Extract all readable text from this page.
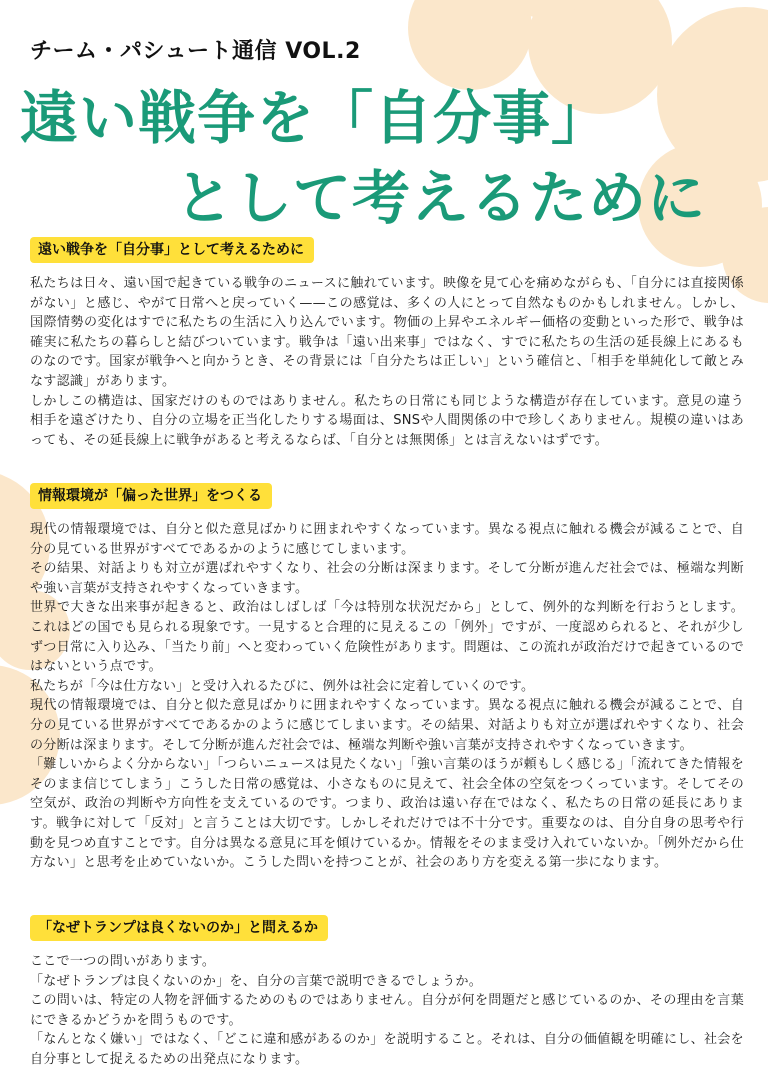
チーム・パシュート通信 VOL.2
遠い戦争を「自分事」
として考えるために
遠い戦争を「自分事」として考えるために

私たちは日々、遠い国で起きている戦争のニュースに触れています。映像を見て心を痛めながらも、「自分には直接関係がない」と感じ、やがて日常へと戻っていく——この感覚は、多くの人にとって自然なものかもしれません。しかし、国際情勢の変化はすでに私たちの生活に入り込んでいます。物価の上昇やエネルギー価格の変動といった形で、戦争は確実に私たちの暮らしと結びついています。戦争は「遠い出来事」ではなく、すでに私たちの生活の延長線上にあるものなのです。国家が戦争へと向かうとき、その背景には「自分たちは正しい」という確信と、「相手を単純化して敵とみなす認識」があります。

しかしこの構造は、国家だけのものではありません。私たちの日常にも同じような構造が存在しています。意見の違う相手を遠ざけたり、自分の立場を正当化したりする場面は、SNSや人間関係の中で珍しくありません。規模の違いはあっても、その延長線上に戦争があると考えるならば、「自分とは無関係」とは言えないはずです。

情報環境が「偏った世界」をつくる

現代の情報環境では、自分と似た意見ばかりに囲まれやすくなっています。異なる視点に触れる機会が減ることで、自分の見ている世界がすべてであるかのように感じてしまいます。

その結果、対話よりも対立が選ばれやすくなり、社会の分断は深まります。そして分断が進んだ社会では、極端な判断や強い言葉が支持されやすくなっていきます。

世界で大きな出来事が起きると、政治はしばしば「今は特別な状況だから」として、例外的な判断を行おうとします。これはどの国でも見られる現象です。一見すると合理的に見えるこの「例外」ですが、一度認められると、それが少しずつ日常に入り込み、「当たり前」へと変わっていく危険性があります。問題は、この流れが政治だけで起きているのではないという点です。

私たちが「今は仕方ない」と受け入れるたびに、例外は社会に定着していくのです。

現代の情報環境では、自分と似た意見ばかりに囲まれやすくなっています。異なる視点に触れる機会が減ることで、自分の見ている世界がすべてであるかのように感じてしまいます。その結果、対話よりも対立が選ばれやすくなり、社会の分断は深まります。そして分断が進んだ社会では、極端な判断や強い言葉が支持されやすくなっていきます。

「難しいからよく分からない」「つらいニュースは見たくない」「強い言葉のほうが頼もしく感じる」「流れてきた情報をそのまま信じてしまう」こうした日常の感覚は、小さなものに見えて、社会全体の空気をつくっています。そしてその空気が、政治の判断や方向性を支えているのです。つまり、政治は遠い存在ではなく、私たちの日常の延長にあります。戦争に対して「反対」と言うことは大切です。しかしそれだけでは不十分です。重要なのは、自分自身の思考や行動を見つめ直すことです。自分は異なる意見に耳を傾けているか。情報をそのまま受け入れていないか。「例外だから仕方ない」と思考を止めていないか。こうした問いを持つことが、社会のあり方を変える第一歩になります。

「なぜトランプは良くないのか」と問えるか

ここで一つの問いがあります。

「なぜトランプは良くないのか」を、自分の言葉で説明できるでしょうか。

この問いは、特定の人物を評価するためのものではありません。自分が何を問題だと感じているのか、その理由を言葉にできるかどうかを問うものです。

「なんとなく嫌い」ではなく、「どこに違和感があるのか」を説明すること。それは、自分の価値観を明確にし、社会を自分事として捉えるための出発点になります。
